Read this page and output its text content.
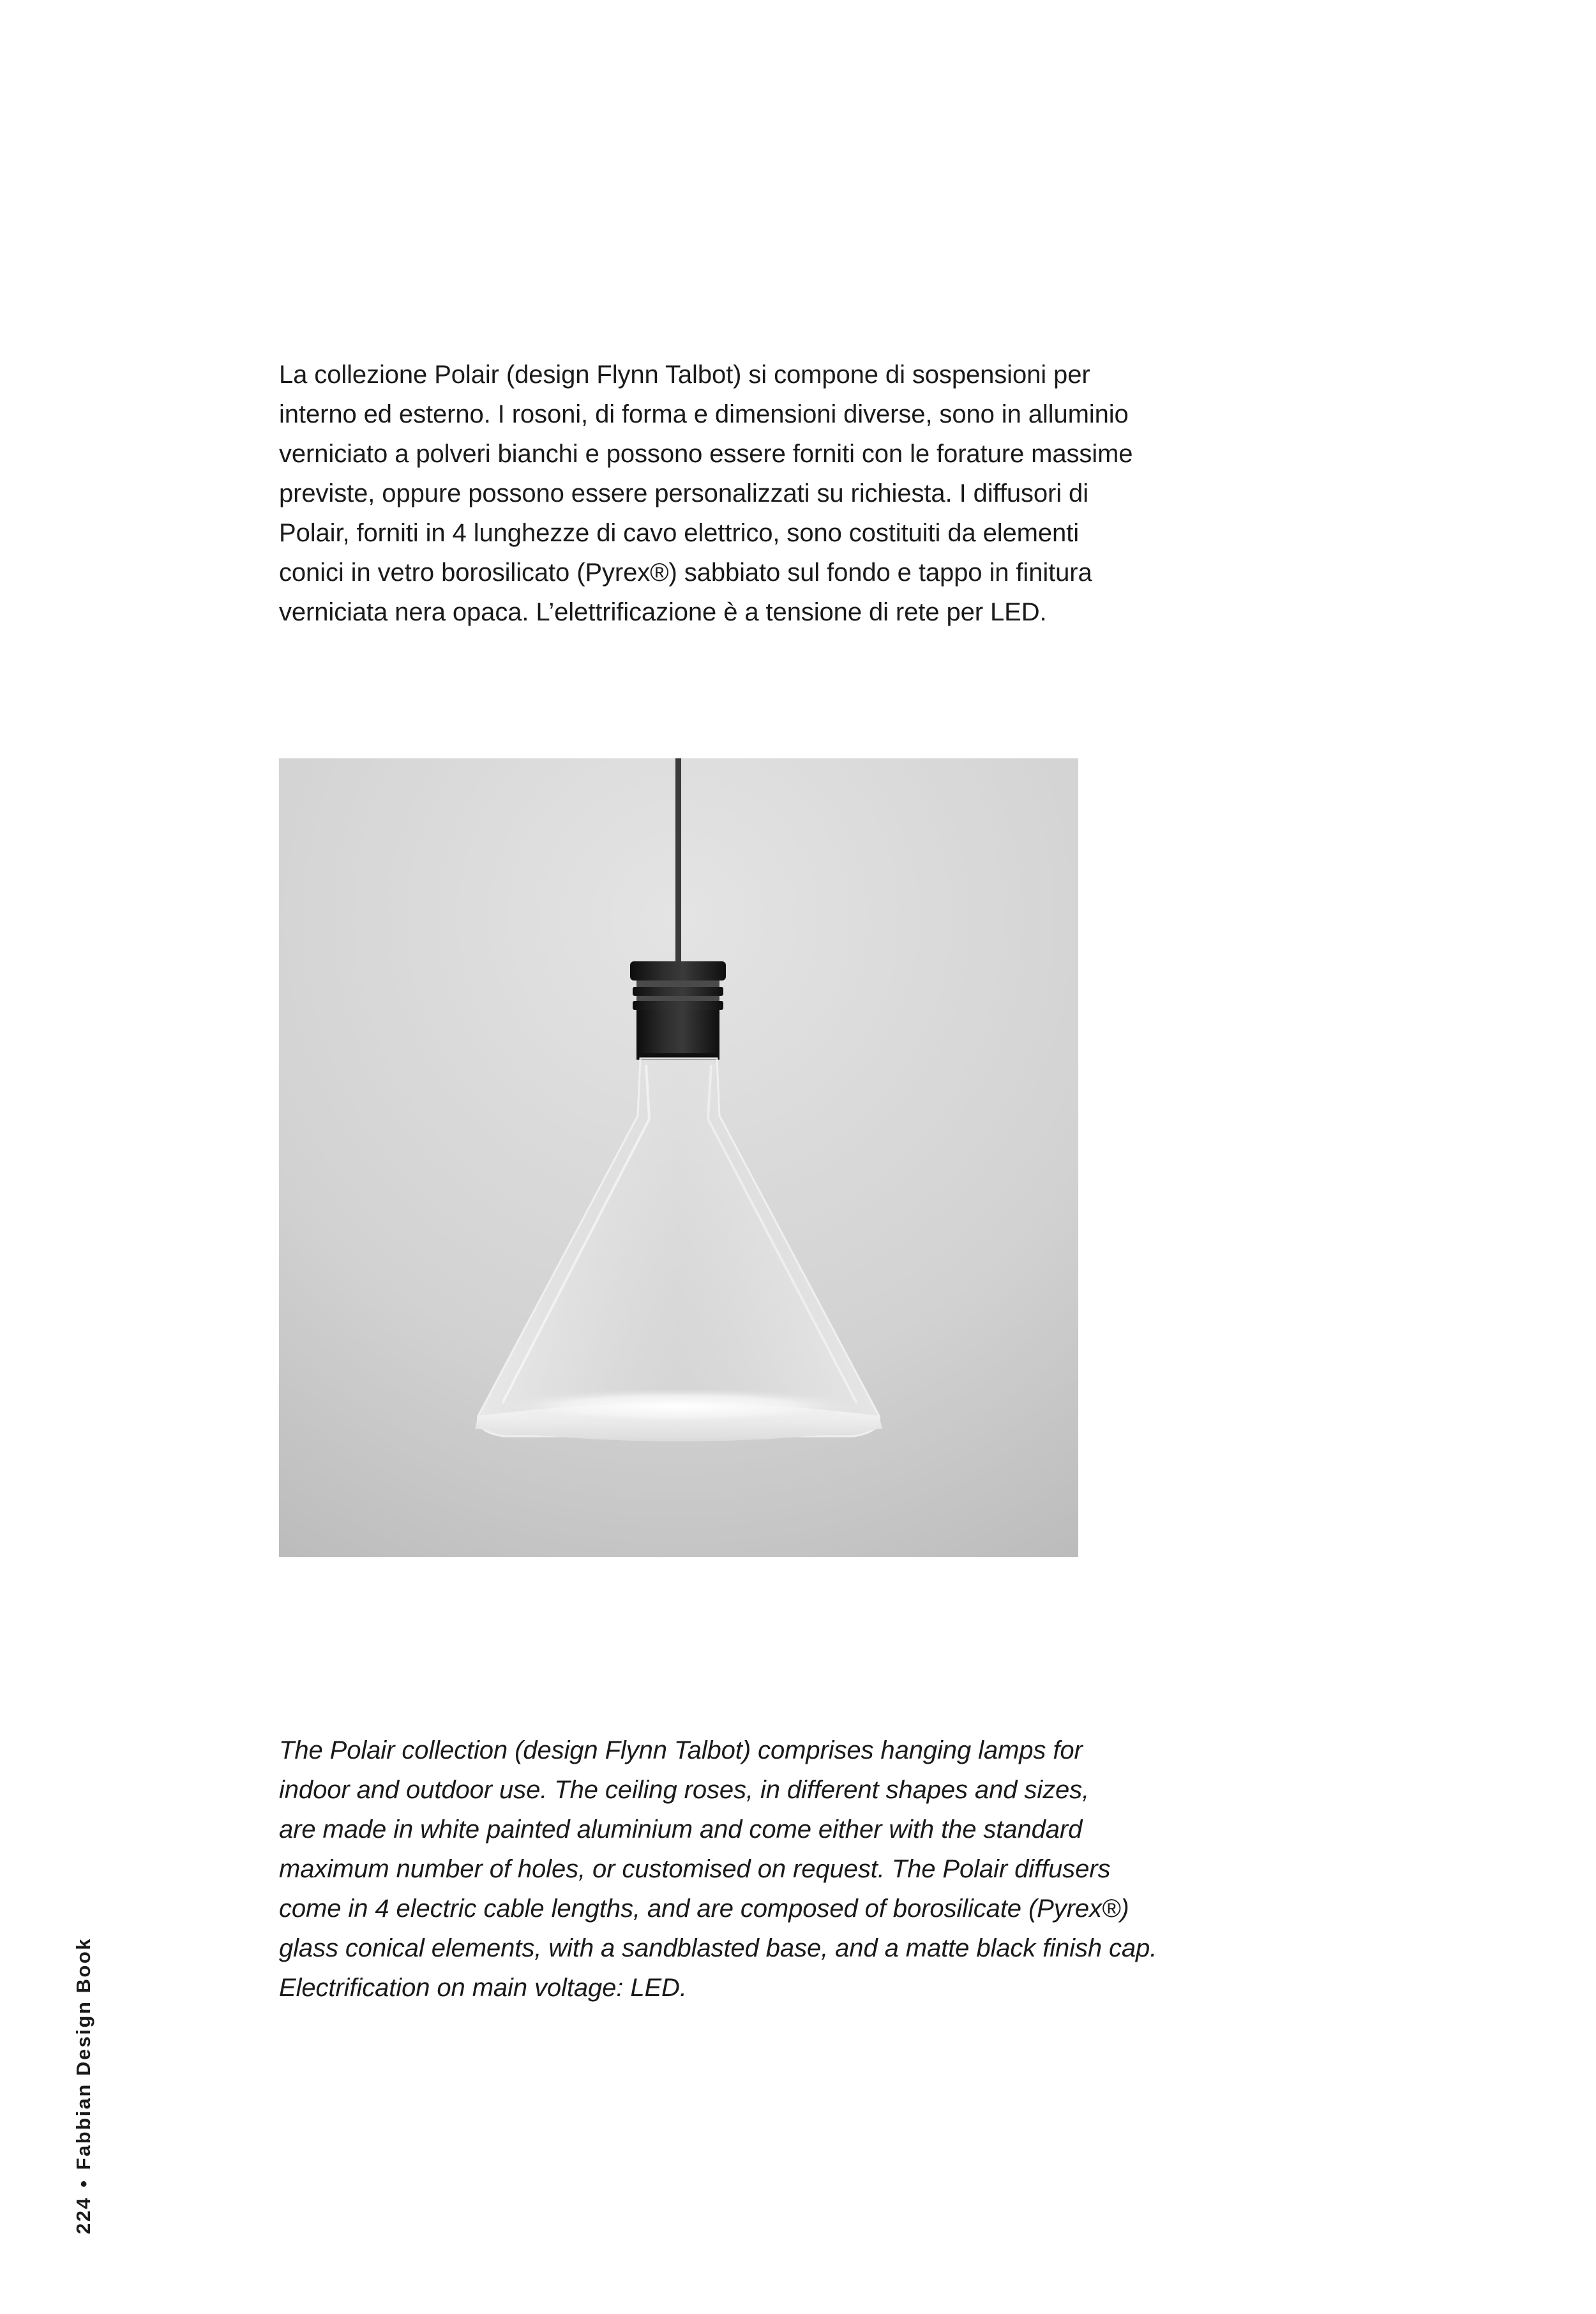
La collezione Polair (design Flynn Talbot) si compone di sospensioni per
interno ed esterno. I rosoni, di forma e dimensioni diverse, sono in alluminio
verniciato a polveri bianchi e possono essere forniti con le forature massime
previste, oppure possono essere personalizzati su richiesta. I diffusori di
Polair, forniti in 4 lunghezze di cavo elettrico, sono costituiti da elementi
conici in vetro borosilicato (Pyrex®) sabbiato sul fondo e tappo in finitura
verniciata nera opaca. L’elettrificazione è a tensione di rete per LED.

The Polair collection (design Flynn Talbot) comprises hanging lamps for
indoor and outdoor use. The ceiling roses, in different shapes and sizes,
are made in white painted aluminium and come either with the standard
maximum number of holes, or customised on request. The Polair diffusers
come in 4 electric cable lengths, and are composed of borosilicate (Pyrex®)
glass conical elements, with a sandblasted base, and a matte black finish cap.
Electrification on main voltage: LED.

224•Fabbian Design Book
